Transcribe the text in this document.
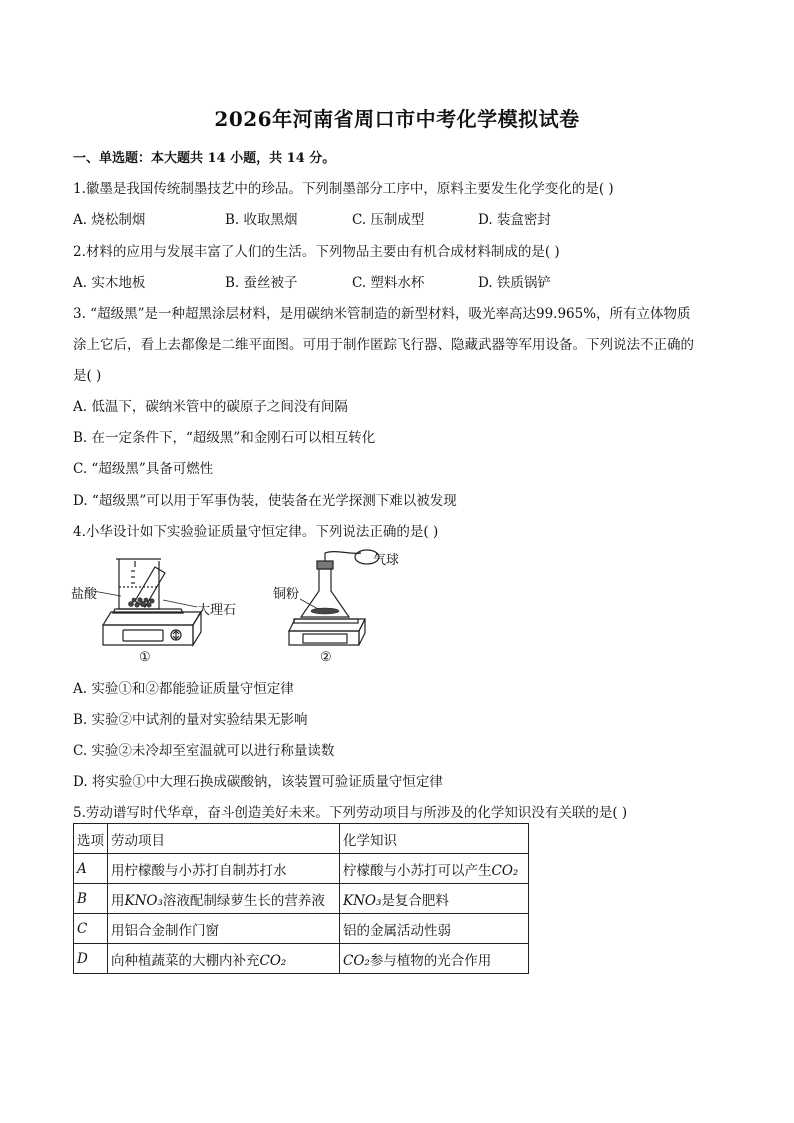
2026年河南省周口市中考化学模拟试卷
一、单选题：本大题共 14 小题，共 14 分。
1.徽墨是我国传统制墨技艺中的珍品。下列制墨部分工序中，原料主要发生化学变化的是( )
A. 烧松制烟	B. 收取黑烟	C. 压制成型	D. 装盒密封
2.材料的应用与发展丰富了人们的生活。下列物品主要由有机合成材料制成的是( )
A. 实木地板	B. 蚕丝被子	C. 塑料水杯	D. 铁质锅铲
3. “超级黑”是一种超黑涂层材料，是用碳纳米管制造的新型材料，吸光率高达99.965%，所有立体物质
涂上它后，看上去都像是二维平面图。可用于制作匿踪飞行器、隐藏武器等军用设备。下列说法不正确的
是( )
A. 低温下，碳纳米管中的碳原子之间没有间隔
B. 在一定条件下，“超级黑”和金刚石可以相互转化
C. “超级黑”具备可燃性
D. “超级黑”可以用于军事伪装，使装备在光学探测下难以被发现
4.小华设计如下实验验证质量守恒定律。下列说法正确的是( )
盐酸
大理石
铜粉
气球
①	②
A. 实验①和②都能验证质量守恒定律
B. 实验②中试剂的量对实验结果无影响
C. 实验②未冷却至室温就可以进行称量读数
D. 将实验①中大理石换成碳酸钠，该装置可验证质量守恒定律
5.劳动谱写时代华章，奋斗创造美好未来。下列劳动项目与所涉及的化学知识没有关联的是( )
选项	劳动项目	化学知识
A	用柠檬酸与小苏打自制苏打水	柠檬酸与小苏打可以产生CO₂
B	用KNO₃溶液配制绿萝生长的营养液	KNO₃是复合肥料
C	用铝合金制作门窗	铝的金属活动性弱
D	向种植蔬菜的大棚内补充CO₂	CO₂参与植物的光合作用
